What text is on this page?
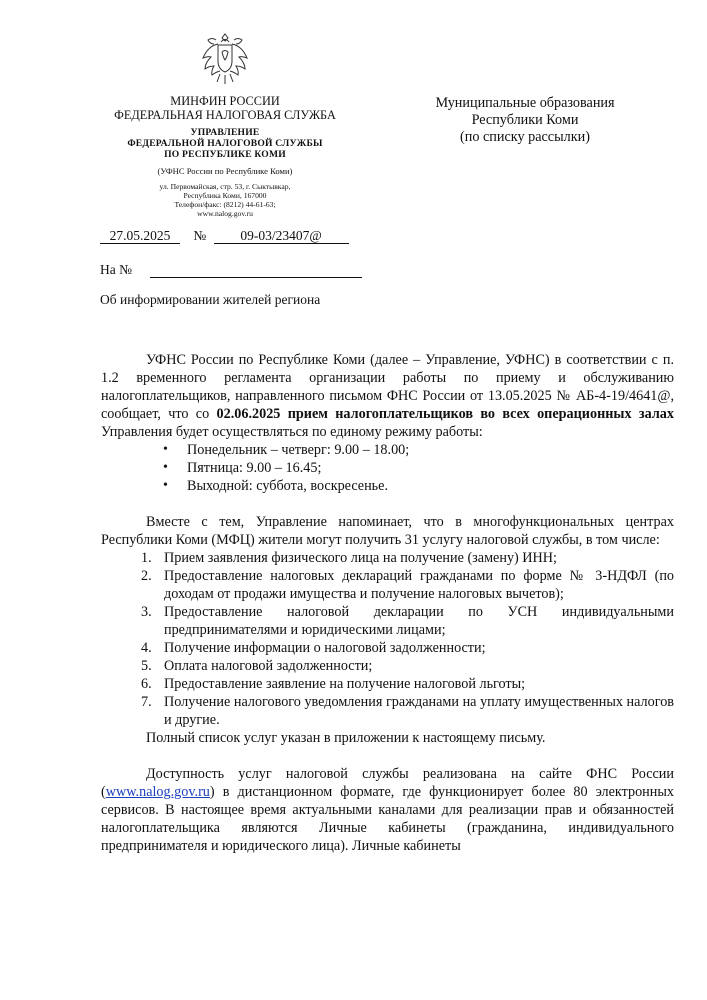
МИНФИН РОССИИ
ФЕДЕРАЛЬНАЯ НАЛОГОВАЯ СЛУЖБА
УПРАВЛЕНИЕ
ФЕДЕРАЛЬНОЙ НАЛОГОВОЙ СЛУЖБЫ
ПО РЕСПУБЛИКЕ КОМИ
(УФНС России по Республике Коми)
ул. Первомайская, стр. 53, г. Сыктывкар,
Республика Коми, 167000
Телефон/факс: (8212) 44-61-63;
www.nalog.gov.ru
27.05.2025 №	09-03/23407@
На №
Об информировании жителей региона
Муниципальные образования
Республики Коми
(по списку рассылки)

УФНС России по Республике Коми (далее – Управление, УФНС) в соответствии с п. 1.2 временного регламента организации работы по приему и обслуживанию налогоплательщиков, направленного письмом ФНС России от 13.05.2025 № АБ-4-19/4641@, сообщает, что со 02.06.2025 прием налогоплательщиков во всех операционных залах Управления будет осуществляться по единому режиму работы:

• Понедельник – четверг: 9.00 – 18.00;
• Пятница: 9.00 – 16.45;
• Выходной: суббота, воскресенье.

Вместе с тем, Управление напоминает, что в многофункциональных центрах Республики Коми (МФЦ) жители могут получить 31 услугу налоговой службы, в том числе:

1. Прием заявления физического лица на получение (замену) ИНН;
2. Предоставление налоговых деклараций гражданами по форме № 3-НДФЛ (по доходам от продажи имущества и получение налоговых вычетов);
3. Предоставление налоговой декларации по УСН индивидуальными предпринимателями и юридическими лицами;
4. Получение информации о налоговой задолженности;
5. Оплата налоговой задолженности;
6. Предоставление заявление на получение налоговой льготы;
7. Получение налогового уведомления гражданами на уплату имущественных налогов и другие.

Полный список услуг указан в приложении к настоящему письму.

Доступность услуг налоговой службы реализована на сайте ФНС России (www.nalog.gov.ru) в дистанционном формате, где функционирует более 80 электронных сервисов. В настоящее время актуальными каналами для реализации прав и обязанностей налогоплательщика являются Личные кабинеты (гражданина, индивидуального предпринимателя и юридического лица). Личные кабинеты
